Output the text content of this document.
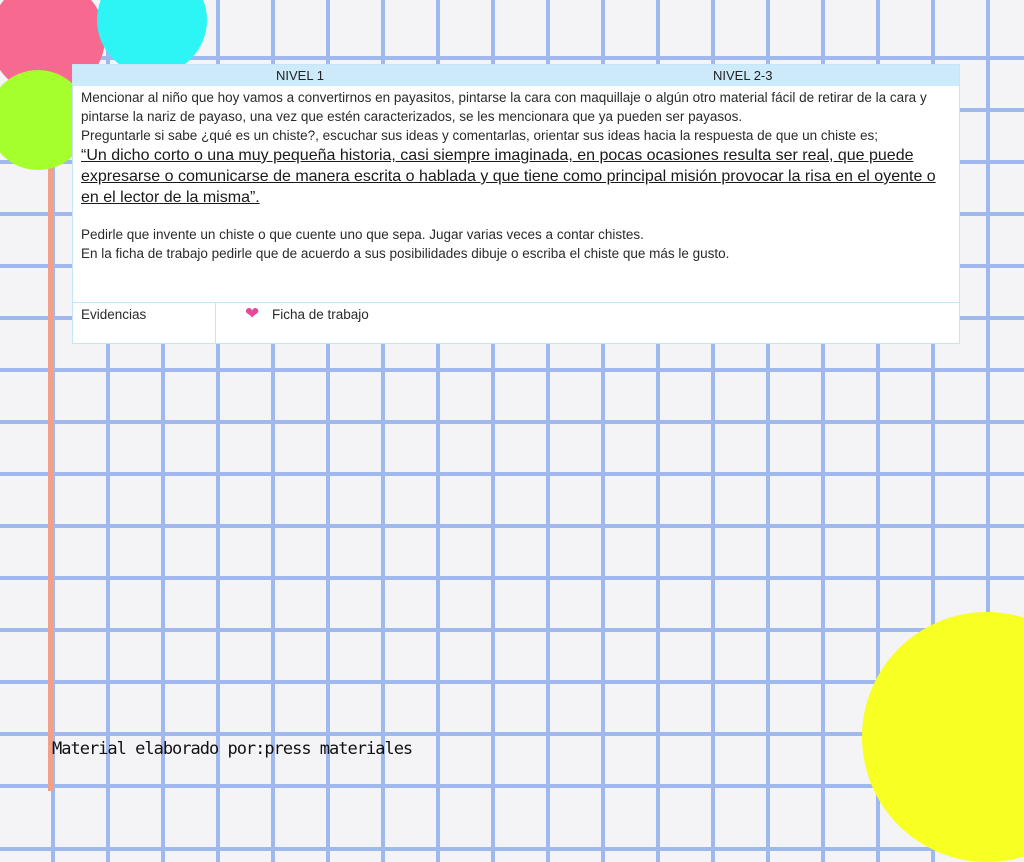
NIVEL 1	NIVEL 2-3

Mencionar al niño que hoy vamos a convertirnos en payasitos, pintarse la cara con maquillaje o algún otro material fácil de retirar de la cara y pintarse la nariz de payaso, una vez que estén caracterizados, se les mencionara que ya pueden ser payasos.

Preguntarle si sabe ¿qué es un chiste?, escuchar sus ideas y comentarlas, orientar sus ideas hacia la respuesta de que un chiste es;

“Un dicho corto o una muy pequeña historia, casi siempre imaginada, en pocas ocasiones resulta ser real, que puede expresarse o comunicarse de manera escrita o hablada y que tiene como principal misión provocar la risa en el oyente o en el lector de la misma”.

Pedirle que invente un chiste o que cuente uno que sepa. Jugar varias veces a contar chistes.

En la ficha de trabajo pedirle que de acuerdo a sus posibilidades dibuje o escriba el chiste que más le gusto.

Evidencias	❤ Ficha de trabajo
Material elaborado por:press materiales
